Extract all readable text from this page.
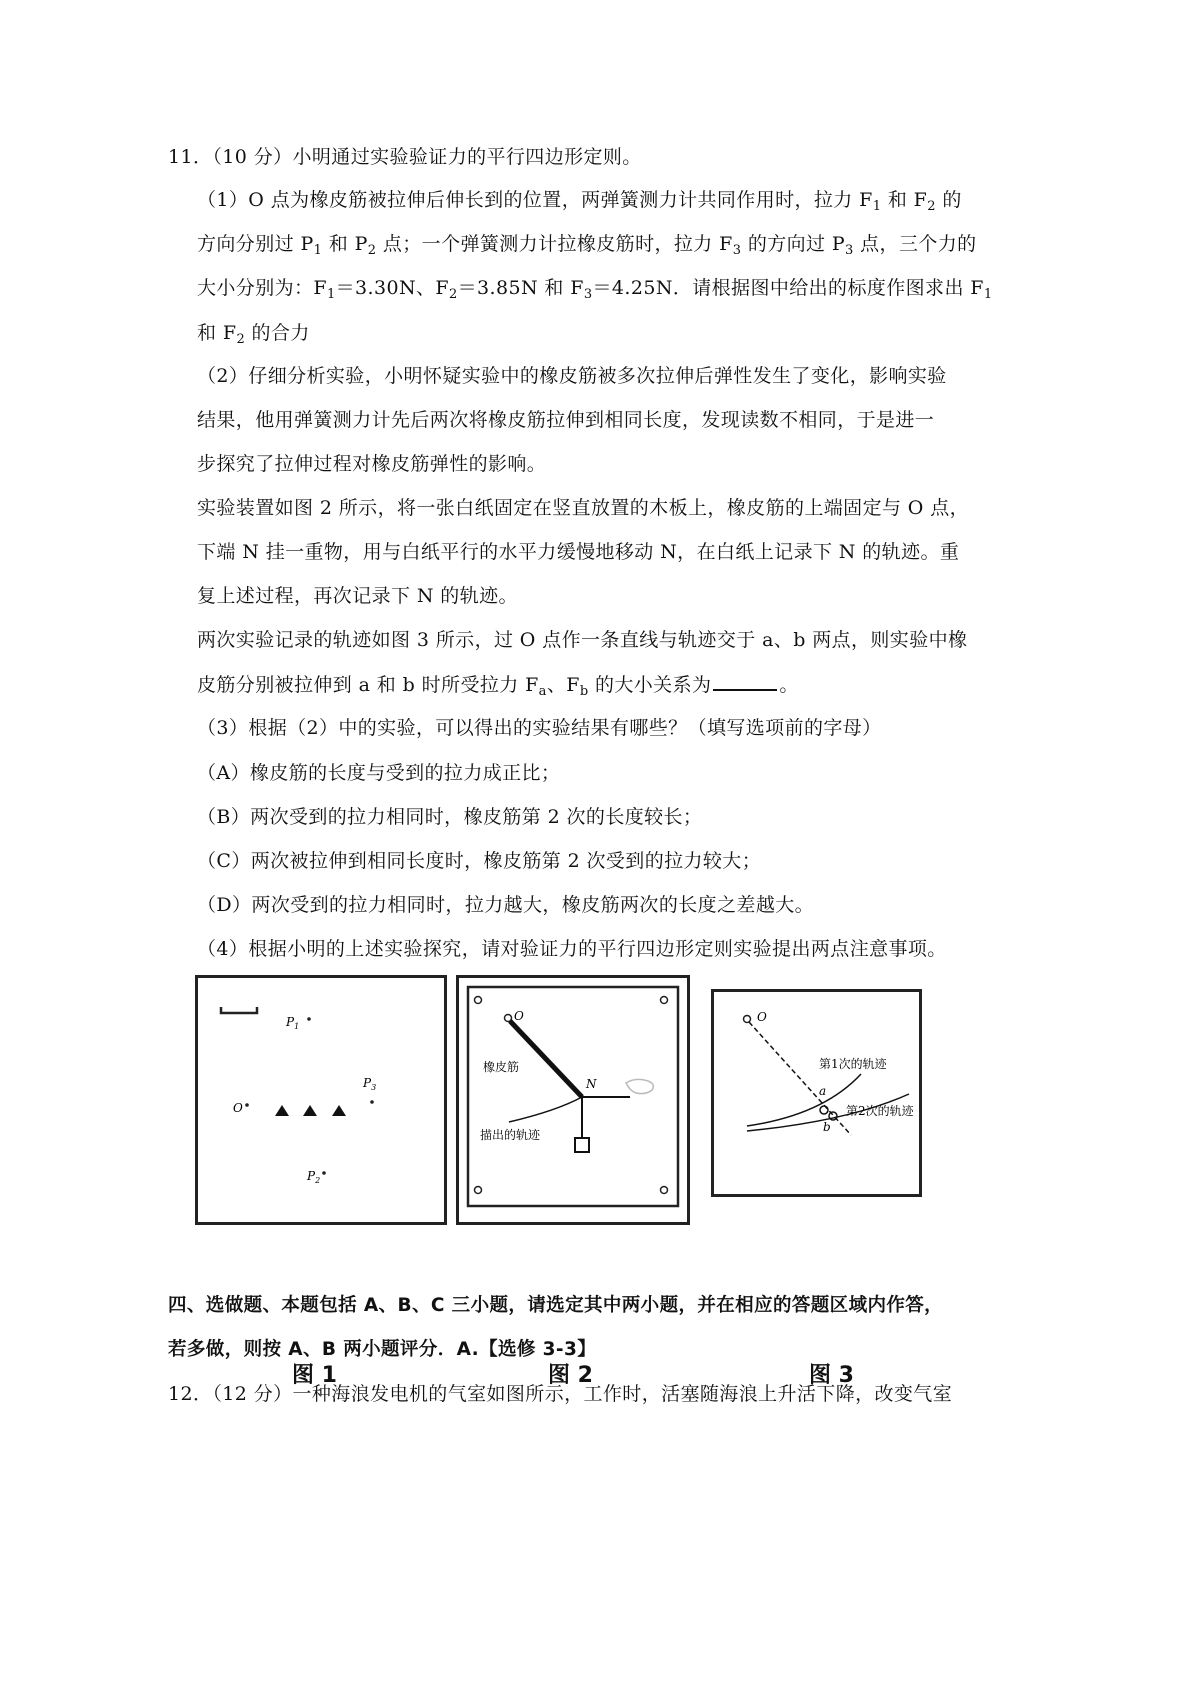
11．（10 分）小明通过实验验证力的平行四边形定则。
（1）O 点为橡皮筋被拉伸后伸长到的位置，两弹簧测力计共同作用时，拉力 $F_1$ 和 $F_2$ 的
方向分别过 $P_1$ 和 $P_2$ 点；一个弹簧测力计拉橡皮筋时，拉力 $F_3$ 的方向过 $P_3$ 点，三个力的
大小分别为：$F_1=3.30N$、$F_2=3.85N$ 和 $F_3=4.25N$．请根据图中给出的标度作图求出 $F_1$
和 $F_2$ 的合力
（2）仔细分析实验，小明怀疑实验中的橡皮筋被多次拉伸后弹性发生了变化，影响实验
结果，他用弹簧测力计先后两次将橡皮筋拉伸到相同长度，发现读数不相同，于是进一
步探究了拉伸过程对橡皮筋弹性的影响。
实验装置如图 2 所示，将一张白纸固定在竖直放置的木板上，橡皮筋的上端固定与 O 点，
下端 N 挂一重物，用与白纸平行的水平力缓慢地移动 N，在白纸上记录下 N 的轨迹。重
复上述过程，再次记录下 N 的轨迹。
两次实验记录的轨迹如图 3 所示，过 O 点作一条直线与轨迹交于 a、b 两点，则实验中橡
皮筋分别被拉伸到 a 和 b 时所受拉力 $F_a$、$F_b$ 的大小关系为	。
（3）根据（2）中的实验，可以得出的实验结果有哪些？（填写选项前的字母）
（A）橡皮筋的长度与受到的拉力成正比；
（B）两次受到的拉力相同时，橡皮筋第 2 次的长度较长；
（C）两次被拉伸到相同长度时，橡皮筋第 2 次受到的拉力较大；
（D）两次受到的拉力相同时，拉力越大，橡皮筋两次的长度之差越大。
（4）根据小明的上述实验探究，请对验证力的平行四边形定则实验提出两点注意事项。
$P_1$
O
$P_3$
$P_2$
O
N
橡皮筋
描出的轨迹
O
第1次的轨迹
第2次的轨迹
a
b
图 1	图 2	图 3
四、选做题、本题包括 A、B、C 三小题，请选定其中两小题，并在相应的答题区域内作答，
若多做，则按 A、B 两小题评分．A.【选修 3-3】
12．（12 分）一种海浪发电机的气室如图所示，工作时，活塞随海浪上升活下降，改变气室
